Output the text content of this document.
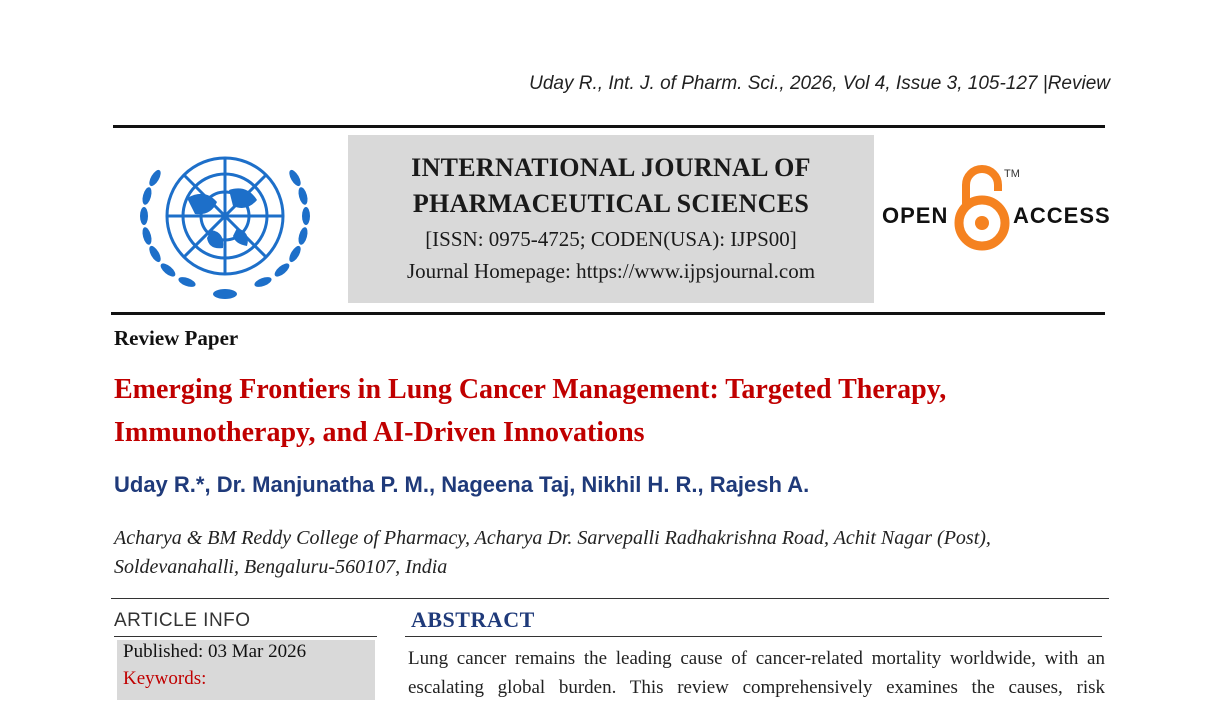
Uday R., Int. J. of Pharm. Sci., 2026, Vol 4, Issue 3, 105-127 |Review
INTERNATIONAL JOURNAL OF
PHARMACEUTICAL SCIENCES
[ISSN: 0975-4725; CODEN(USA): IJPS00]
Journal Homepage: https://www.ijpsjournal.com
OPEN
TM
ACCESS
Review Paper
Emerging Frontiers in Lung Cancer Management: Targeted Therapy,
Immunotherapy, and AI-Driven Innovations
Uday R.*, Dr. Manjunatha P. M., Nageena Taj, Nikhil H. R., Rajesh A.
Acharya & BM Reddy College of Pharmacy, Acharya Dr. Sarvepalli Radhakrishna Road, Achit Nagar (Post),
Soldevanahalli, Bengaluru-560107, India
ARTICLE INFO
Published: 03 Mar 2026
Keywords:
ABSTRACT
Lung cancer remains the leading cause of cancer-related mortality worldwide, with an
escalating global burden. This review comprehensively examines the causes, risk
